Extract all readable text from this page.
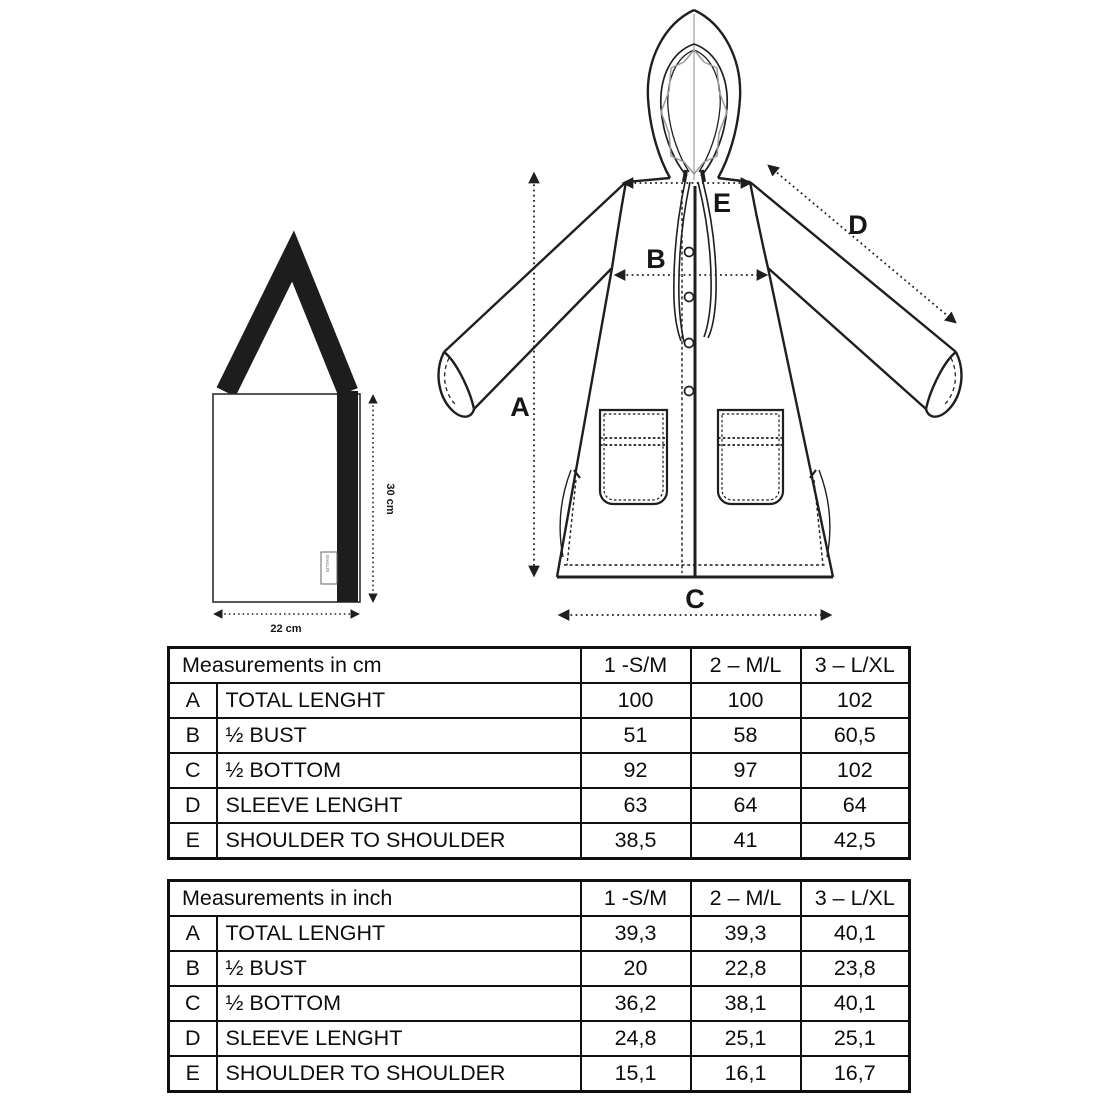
A
B
C
D
E
GIALLIS
30 cm
22 cm
Measurements in cm		1 -S/M	2 – M/L	3 – L/XL
A	TOTAL LENGHT	100	100	102
B	½ BUST	51	58	60,5
C	½ BOTTOM	92	97	102
D	SLEEVE LENGHT	63	64	64
E	SHOULDER TO SHOULDER	38,5	41	42,5
Measurements in inch		1 -S/M	2 – M/L	3 – L/XL
A	TOTAL LENGHT	39,3	39,3	40,1
B	½ BUST	20	22,8	23,8
C	½ BOTTOM	36,2	38,1	40,1
D	SLEEVE LENGHT	24,8	25,1	25,1
E	SHOULDER TO SHOULDER	15,1	16,1	16,7
